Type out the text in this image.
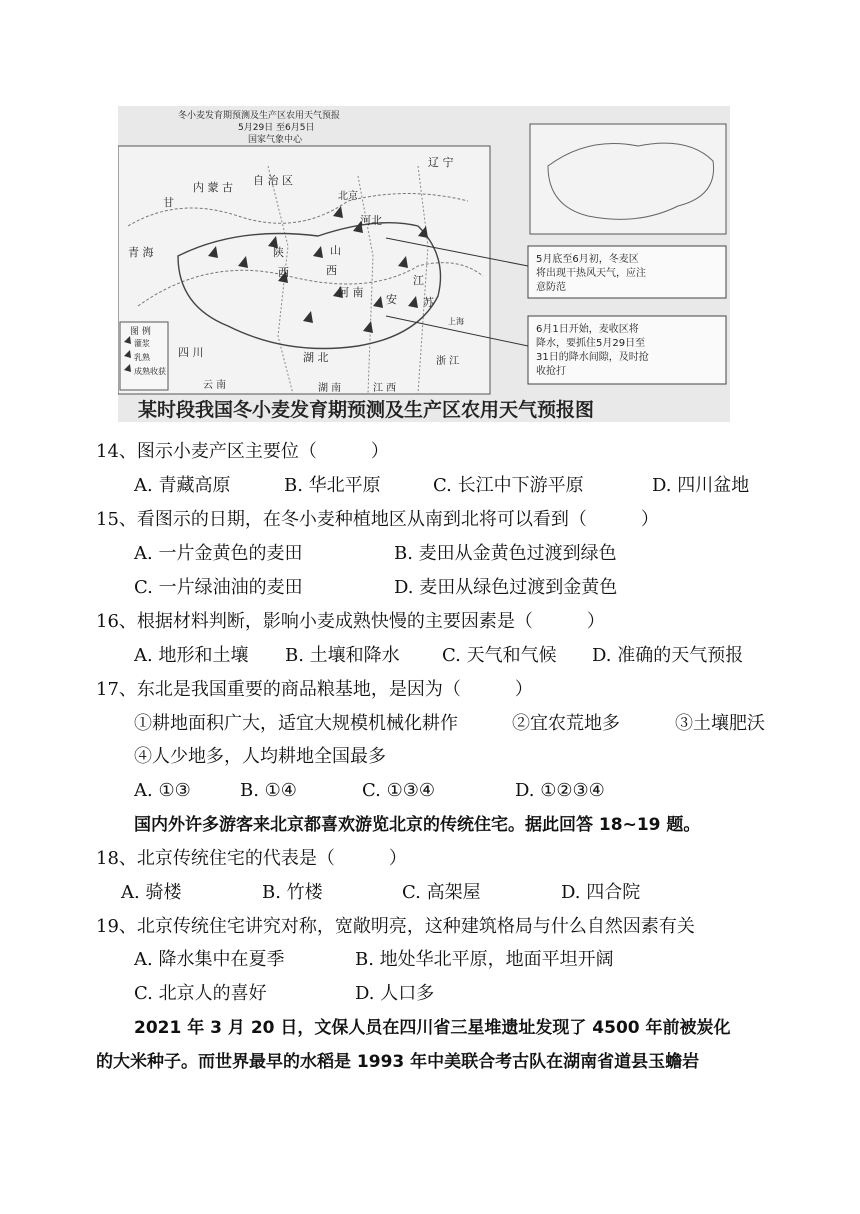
冬小麦发育期预测及生产区农用天气预报
5月29日 至6月5日
国家气象中心
内 蒙 古
自 治 区
辽 宁
北京
河北
山
西
陕
西
河 南
安
江
苏
青 海
甘
四 川	湖 北
湖 南	江 西
浙 江
云 南
上海
图 例
灌浆
乳熟
成熟收获
5月底至6月初，冬麦区
将出现干热风天气，应注
意防范
6月1日开始，麦收区将
降水，要抓住5月29日至
31日的降水间隙，及时抢
收抢打
某时段我国冬小麦发育期预测及生产区农用天气预报图
14、图示小麦产区主要位（　　　）
A. 青藏高原	B. 华北平原	C. 长江中下游平原	D. 四川盆地
15、看图示的日期，在冬小麦种植地区从南到北将可以看到（　　　）
A. 一片金黄色的麦田	B. 麦田从金黄色过渡到绿色
C. 一片绿油油的麦田	D. 麦田从绿色过渡到金黄色
16、根据材料判断，影响小麦成熟快慢的主要因素是（　　　）
A. 地形和土壤 B. 土壤和降水 C. 天气和气候 D. 准确的天气预报
17、东北是我国重要的商品粮基地，是因为（　　　）
①耕地面积广大，适宜大规模机械化耕作	②宜农荒地多	③土壤肥沃
④人少地多，人均耕地全国最多
A. ①③	B. ①④	C. ①③④	D. ①②③④
国内外许多游客来北京都喜欢游览北京的传统住宅。据此回答 18~19 题。
18、北京传统住宅的代表是（　　　）
A. 骑楼	B. 竹楼	C. 高架屋	D. 四合院
19、北京传统住宅讲究对称，宽敞明亮，这种建筑格局与什么自然因素有关
A. 降水集中在夏季	B. 地处华北平原，地面平坦开阔
C. 北京人的喜好	D. 人口多
2021 年 3 月 20 日，文保人员在四川省三星堆遗址发现了 4500 年前被炭化
的大米种子。而世界最早的水稻是 1993 年中美联合考古队在湖南省道县玉蟾岩
